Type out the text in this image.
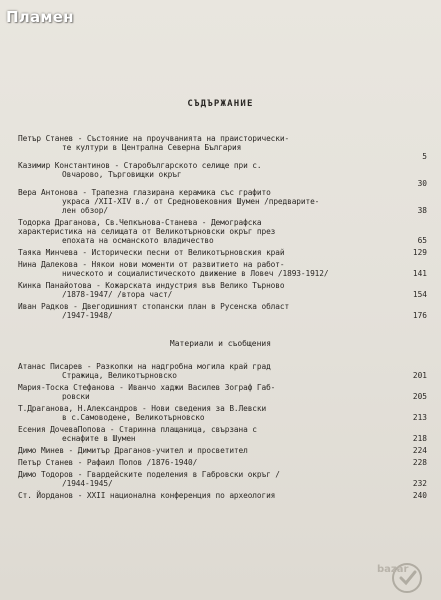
Пламен
СЪДЪРЖАНИЕ
Петър Станев - Състояние на проучванията на праисторически-
те култури в Централна Северна България
5
Казимир Константинов - Старобългарското селище при с.
Овчарово, Търговищки окръг
30
Вера Антонова - Трапезна глазирана керамика със графито
украса /XII-XIV в./ от Средновековния Шумен /предварите-
лен обзор/	38
Тодорка Драганова, Св.Чепкънова-Станева - Демографска
характеристика на селищата от Великотърновски окръг през
епохата на османското владичество	65
Таяка Минчева - Исторически песни от Великотърновския край	129
Нина Далекова - Някои нови моменти от развитието на работ-
ническото и социалистическото движение в Ловеч /1893-1912/	141
Кинка Панайотова - Кожарската индустрия във Велико Търново
/1878-1947/ /втора част/	154
Иван Радков - Двегодишният стопански план в Русенска област
/1947-1948/	176
Атанас Писарев - Разкопки на надгробна могила край град
Стражица, Великотърновско	201
Мария-Тоска Стефанова - Иванчо хаджи Василев Зограф Габ-
ровски	205
Т.Драганова, Н.Александров - Нови сведения за В.Левски
в с.Самоводене, Великотърновско	213
Есения ДочеваПопова - Старинна плащаница, свързана с
еснафите в Шумен	218
Димо Минев - Димитър Драганов-учител и просветител	224
Петър Станев - Рафаил Попов /1876-1940/	228
Димо Тодоров - Гвардейските поделения в Габровски окръг /
/1944-1945/	232
Ст. Йорданов - XXII национална конференция по археология	240
Материали и съобщения
bazar
